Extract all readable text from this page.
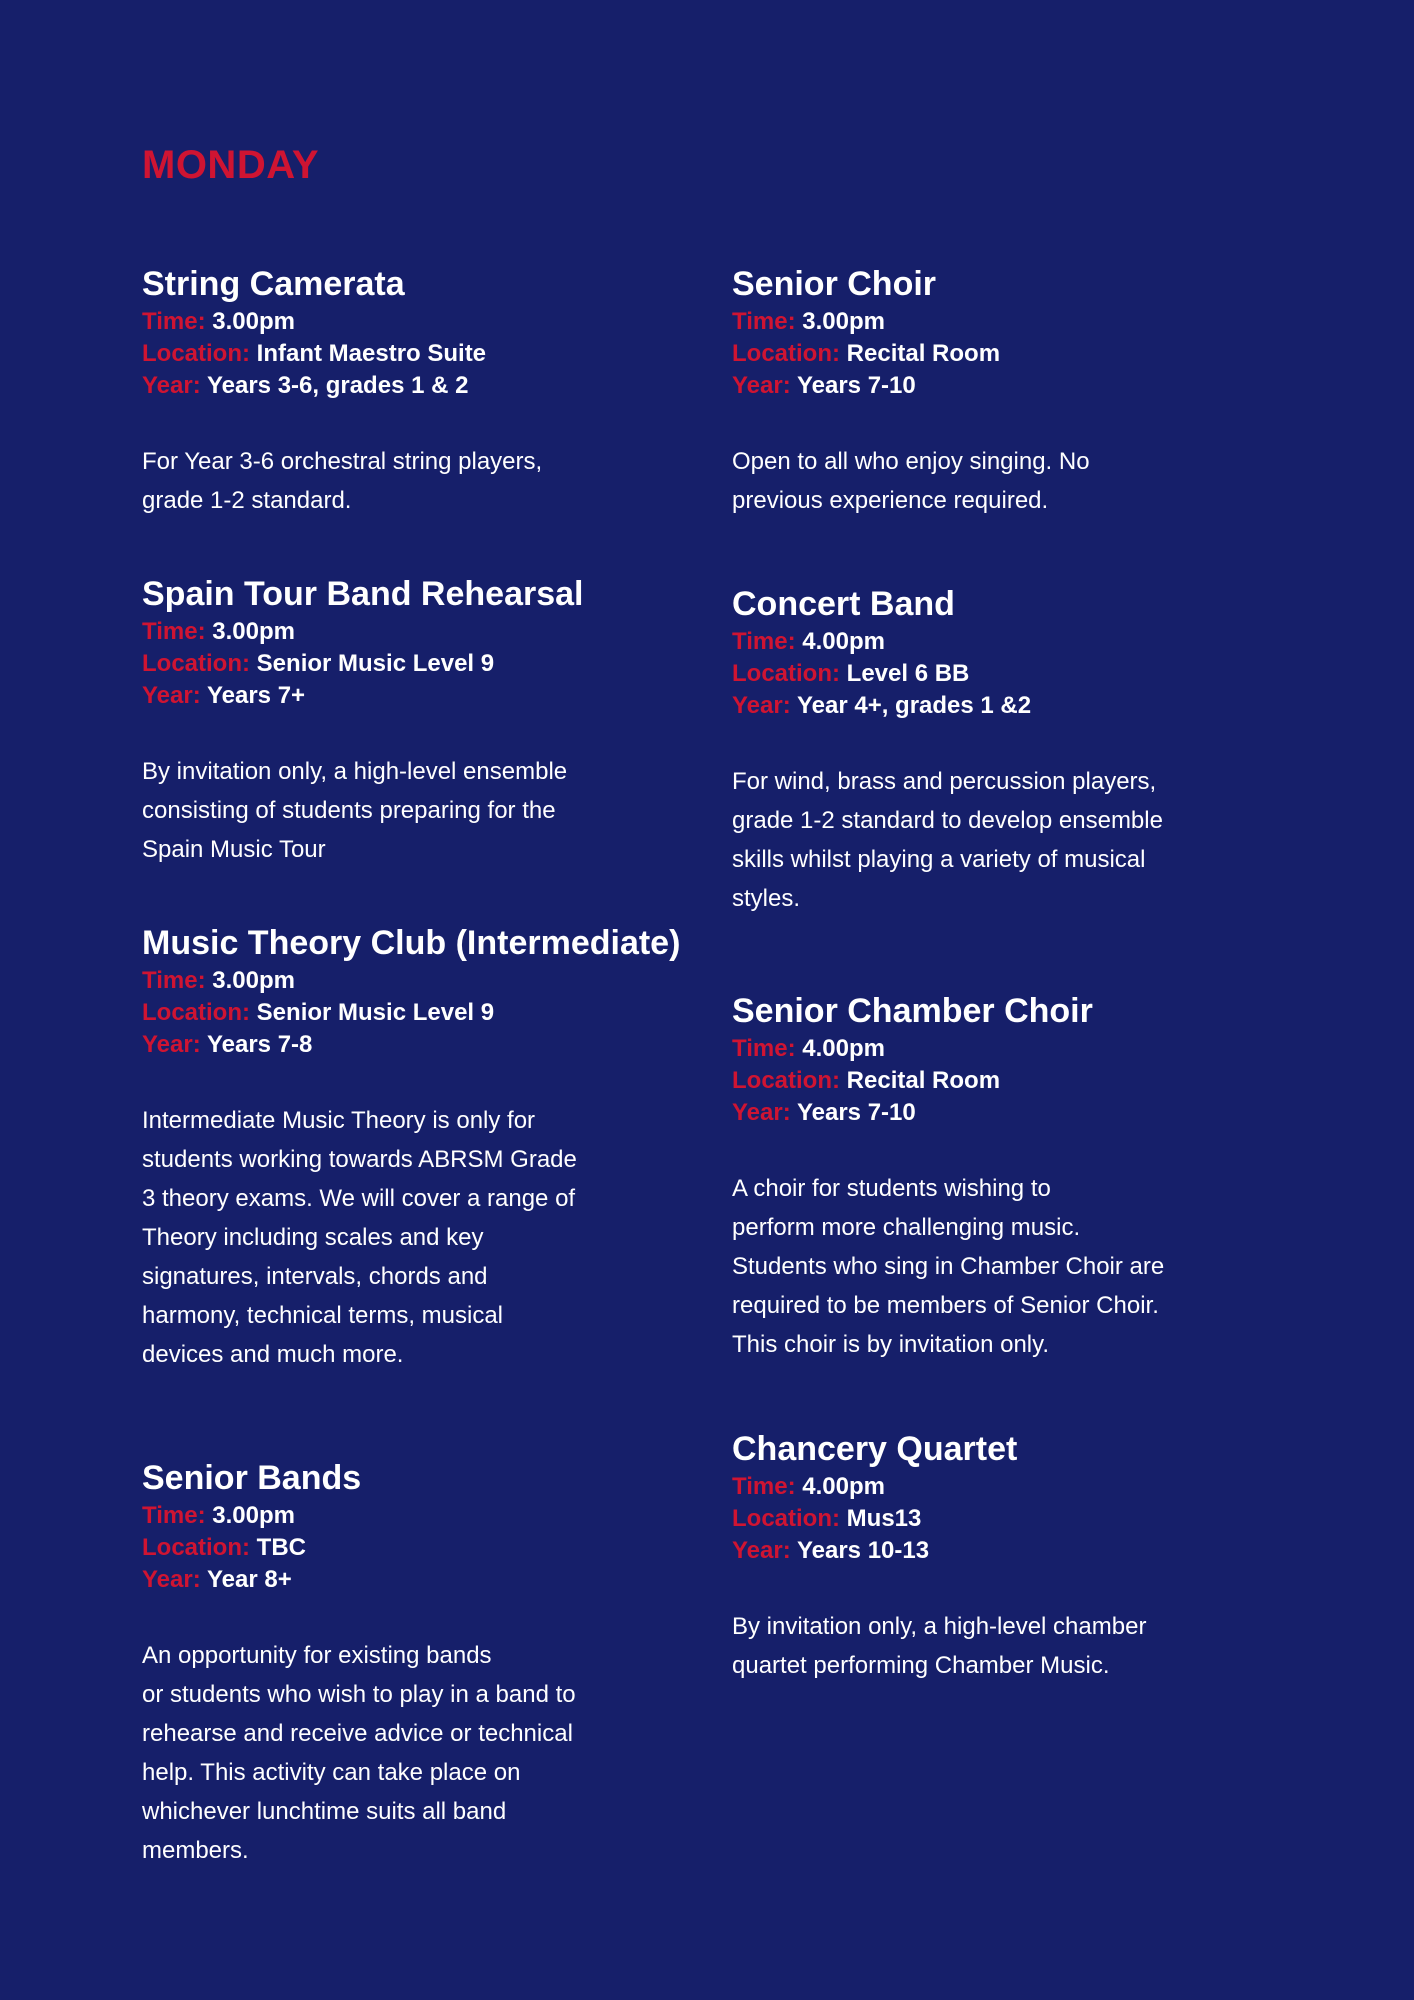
MONDAY
String Camerata
Time: 3.00pm
Location: Infant Maestro Suite
Year: Years 3-6, grades 1 & 2

For Year 3-6 orchestral string players,
grade 1-2 standard.

Spain Tour Band Rehearsal
Time: 3.00pm
Location: Senior Music Level 9
Year: Years 7+

By invitation only, a high-level ensemble
consisting of students preparing for the
Spain Music Tour

Music Theory Club (Intermediate)
Time: 3.00pm
Location: Senior Music Level 9
Year: Years 7-8

Intermediate Music Theory is only for
students working towards ABRSM Grade
3 theory exams. We will cover a range of
Theory including scales and key
signatures, intervals, chords and
harmony, technical terms, musical
devices and much more.

Senior Bands
Time: 3.00pm
Location: TBC
Year: Year 8+

An opportunity for existing bands
or students who wish to play in a band to
rehearse and receive advice or technical
help. This activity can take place on
whichever lunchtime suits all band
members.

Senior Choir
Time: 3.00pm
Location: Recital Room
Year: Years 7-10

Open to all who enjoy singing. No
previous experience required.

Concert Band
Time: 4.00pm
Location: Level 6 BB
Year: Year 4+, grades 1 &2

For wind, brass and percussion players,
grade 1-2 standard to develop ensemble
skills whilst playing a variety of musical
styles.

Senior Chamber Choir
Time: 4.00pm
Location: Recital Room
Year: Years 7-10

A choir for students wishing to
perform more challenging music.
Students who sing in Chamber Choir are
required to be members of Senior Choir.
This choir is by invitation only.

Chancery Quartet
Time: 4.00pm
Location: Mus13
Year: Years 10-13

By invitation only, a high-level chamber
quartet performing Chamber Music.
